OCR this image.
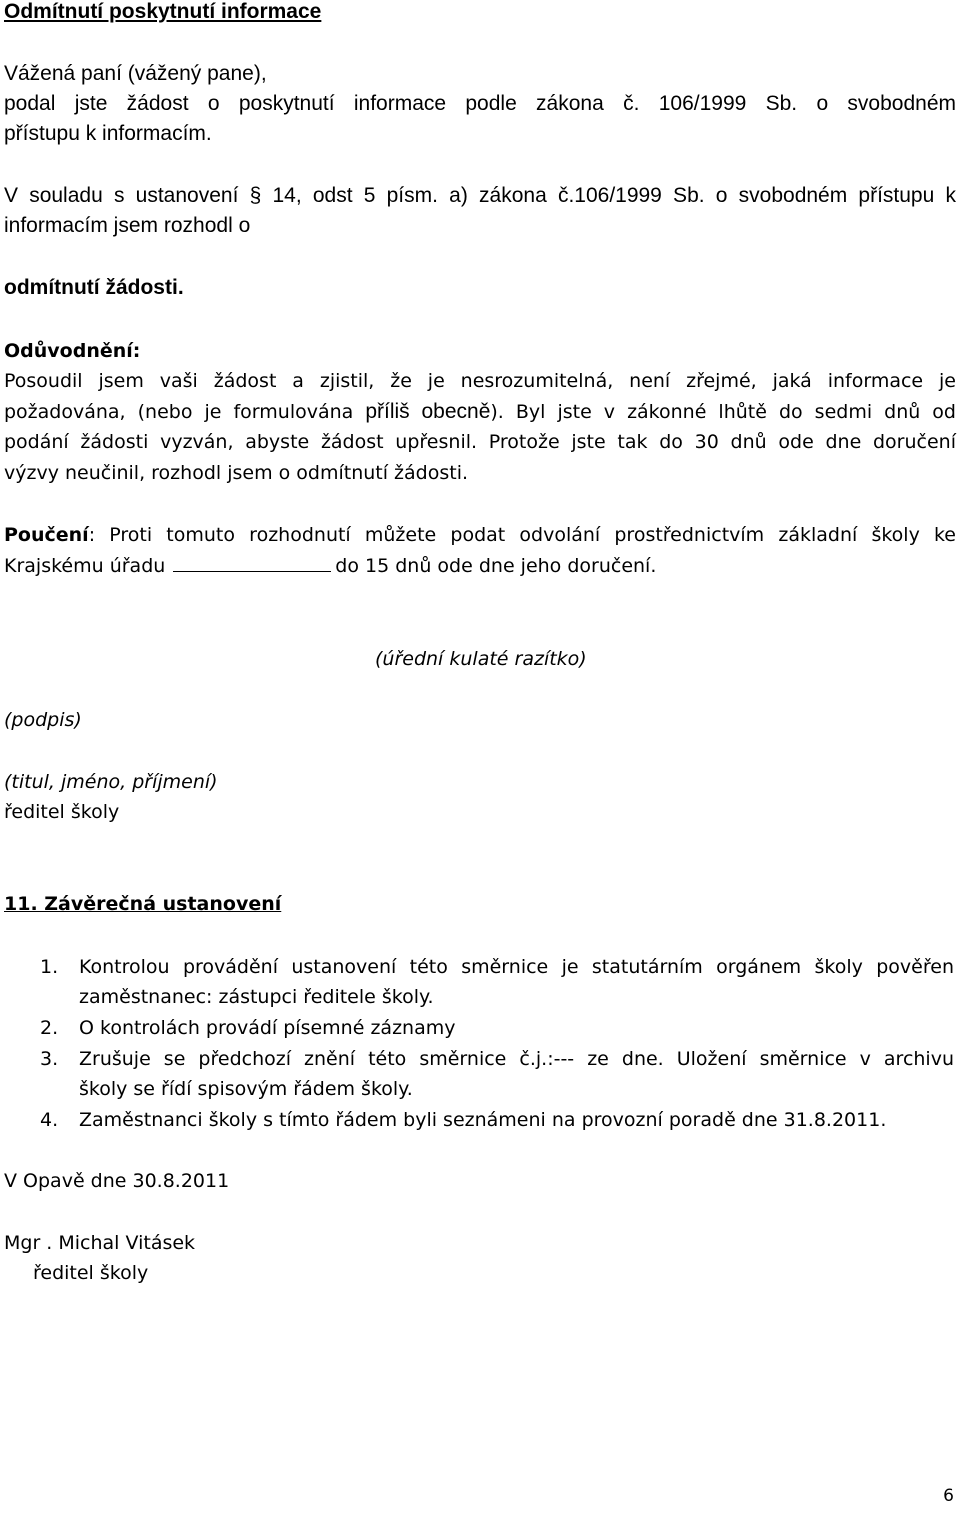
Odmítnutí poskytnutí informace
Vážená paní (vážený pane),
podal jste žádost o poskytnutí informace podle zákona č. 106/1999 Sb. o svobodném
přístupu k informacím.
V souladu s ustanovení § 14, odst 5 písm. a) zákona č.106/1999 Sb. o svobodném přístupu k
informacím jsem rozhodl o
odmítnutí žádosti.
Odůvodnění:
Posoudil jsem vaši žádost a zjistil, že je nesrozumitelná, není zřejmé, jaká informace je
požadována, (nebo je formulována příliš obecně). Byl jste v zákonné lhůtě do sedmi dnů od
podání žádosti vyzván, abyste žádost upřesnil. Protože jste tak do 30 dnů ode dne doručení
výzvy neučinil, rozhodl jsem o odmítnutí žádosti.
Poučení: Proti tomuto rozhodnutí můžete podat odvolání prostřednictvím základní školy ke
Krajskému úřadu	do 15 dnů ode dne jeho doručení.
(úřední kulaté razítko)
(podpis)
(titul, jméno, příjmení)
ředitel školy
11. Závěrečná ustanovení
1. Kontrolou provádění ustanovení této směrnice je statutárním orgánem školy pověřen
zaměstnanec: zástupci ředitele školy.
2. O kontrolách provádí písemné záznamy
3. Zrušuje se předchozí znění této směrnice č.j.:--- ze dne. Uložení směrnice v archivu
školy se řídí spisovým řádem školy.
4. Zaměstnanci školy s tímto řádem byli seznámeni na provozní poradě dne 31.8.2011.
V Opavě dne 30.8.2011
Mgr . Michal Vitásek
ředitel školy
6
